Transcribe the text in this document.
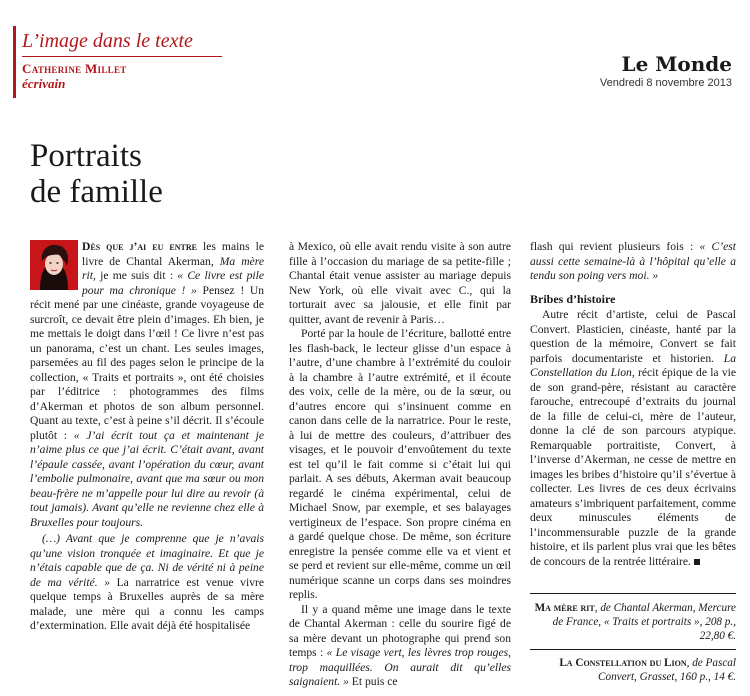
L’image dans le texte
Catherine Millet
écrivain
Le Monde
Vendredi 8 novembre 2013
Portraits
de famille

Dès que j’ai eu entre les mains le livre de Chantal Akerman, Ma mère rit, je me suis dit : « Ce livre est pile pour ma chronique ! » Pensez ! Un récit mené par une cinéaste, grande voyageuse de surcroît, ce devait être plein d’images. Eh bien, je me mettais le doigt dans l’œil ! Ce livre n’est pas un panorama, c’est un chant. Les seules images, parsemées au fil des pages selon le principe de la collection, « Traits et portraits », ont été choisies par l’éditrice : photogrammes des films d’Akerman et photos de son album personnel. Quant au texte, c’est à peine s’il décrit. Il s’écoule plutôt : « J’ai écrit tout ça et maintenant je n’aime plus ce que j’ai écrit. C’était avant, avant l’épaule cassée, avant l’opération du cœur, avant l’embolie pulmonaire, avant que ma sœur ou mon beau-frère ne m’appelle pour lui dire au revoir (à tout jamais). Avant qu’elle ne revienne chez elle à Bruxelles pour toujours.

(…) Avant que je comprenne que je n’avais qu’une vision tronquée et imaginaire. Et que je n’étais capable que de ça. Ni de vérité ni à peine de ma vérité. » La narratrice est venue vivre quelque temps à Bruxelles auprès de sa mère malade, une mère qui a connu les camps d’extermination. Elle avait déjà été hospitalisée

à Mexico, où elle avait rendu visite à son autre fille à l’occasion du mariage de sa petite-fille ; Chantal était venue assister au mariage depuis New York, où elle vivait avec C., qui la torturait avec sa jalousie, et elle finit par quitter, avant de revenir à Paris…

Porté par la houle de l’écriture, ballotté entre les flash-back, le lecteur glisse d’un espace à l’autre, d’une chambre à l’extrémité du couloir à la chambre à l’autre extrémité, et il écoute des voix, celle de la mère, ou de la sœur, ou d’autres encore qui s’insinuent comme en canon dans celle de la narratrice. Pour le reste, à lui de mettre des couleurs, d’attribuer des visages, et le pouvoir d’envoûtement du texte est tel qu’il le fait comme si c’était lui qui parlait. A ses débuts, Akerman avait beaucoup regardé le cinéma expérimental, celui de Michael Snow, par exemple, et ses balayages vertigineux de l’espace. Son propre cinéma en a gardé quelque chose. De même, son écriture enregistre la pensée comme elle va et vient et se perd et revient sur elle-même, comme un œil numérique scanne un corps dans ses moindres replis.

Il y a quand même une image dans le texte de Chantal Akerman : celle du sourire figé de sa mère devant un photographe qui prend son temps : « Le visage vert, les lèvres trop rouges, trop maquillées. On aurait dit qu’elles saignaient. » Et puis ce

flash qui revient plusieurs fois : « C’est aussi cette semaine-là à l’hôpital qu’elle a tendu son poing vers moi. »

Bribes d’histoire

Autre récit d’artiste, celui de Pascal Convert. Plasticien, cinéaste, hanté par la question de la mémoire, Convert se fait parfois documentariste et historien. La Constellation du Lion, récit épique de la vie de son grand-père, résistant au caractère farouche, entrecoupé d’extraits du journal de la fille de celui-ci, mère de l’auteur, donne la clé de son parcours atypique. Remarquable portraitiste, Convert, à l’inverse d’Akerman, ne cesse de mettre en images les bribes d’histoire qu’il s’évertue à collecter. Les livres de ces deux écrivains amateurs s’imbriquent parfaitement, comme deux minuscules éléments de l’incommensurable puzzle de la grande histoire, et ils parlent plus vrai que les bêtes de concours de la rentrée littéraire.

Ma mère rit, de Chantal Akerman, Mercure de France, « Traits et portraits », 208 p., 22,80 €.
La Constellation du Lion, de Pascal Convert, Grasset, 160 p., 14 €.
